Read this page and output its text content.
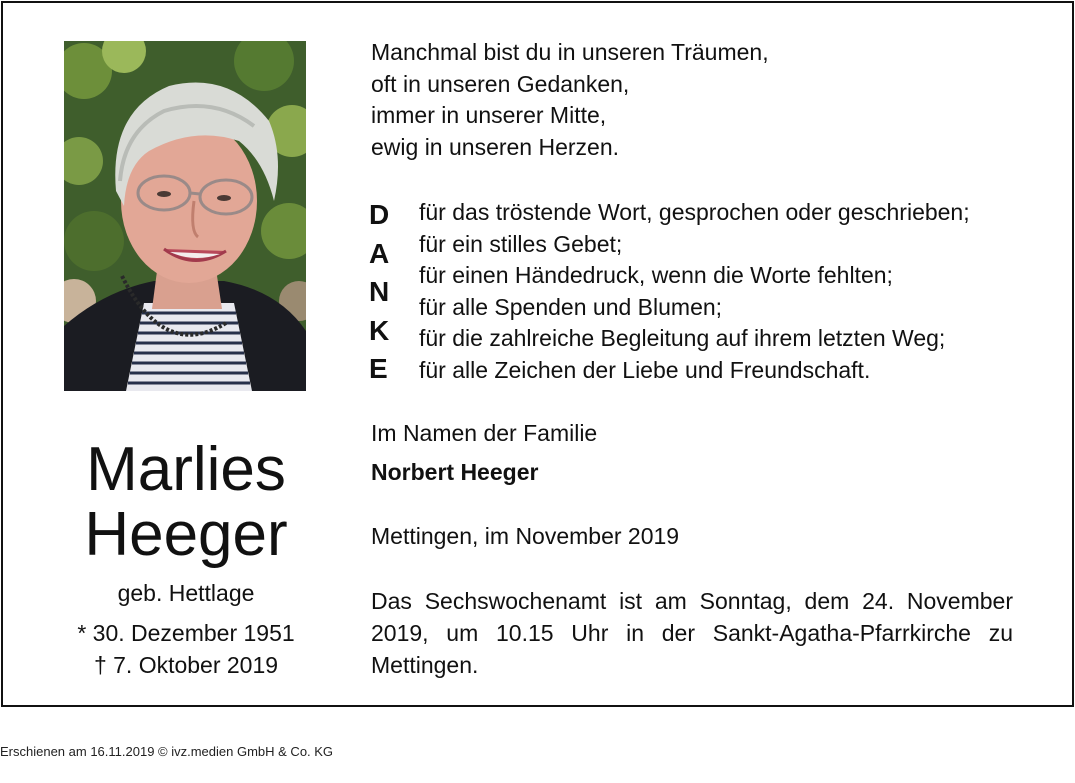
Marlies
Heeger
geb. Hettlage
* 30. Dezember 1951
† 7. Oktober 2019
Manchmal bist du in unseren Träumen,
oft in unseren Gedanken,
immer in unserer Mitte,
ewig in unseren Herzen.
D
A
N
K
E
für das tröstende Wort, gesprochen oder geschrieben;
für ein stilles Gebet;
für einen Händedruck, wenn die Worte fehlten;
für alle Spenden und Blumen;
für die zahlreiche Begleitung auf ihrem letzten Weg;
für alle Zeichen der Liebe und Freundschaft.
Im Namen der Familie
Norbert Heeger
Mettingen, im November 2019
Das Sechswochenamt ist am Sonntag, dem 24. November 2019, um 10.15 Uhr in der Sankt-Agatha-Pfarrkirche zu Mettingen.
Erschienen am 16.11.2019 © ivz.medien GmbH & Co. KG
